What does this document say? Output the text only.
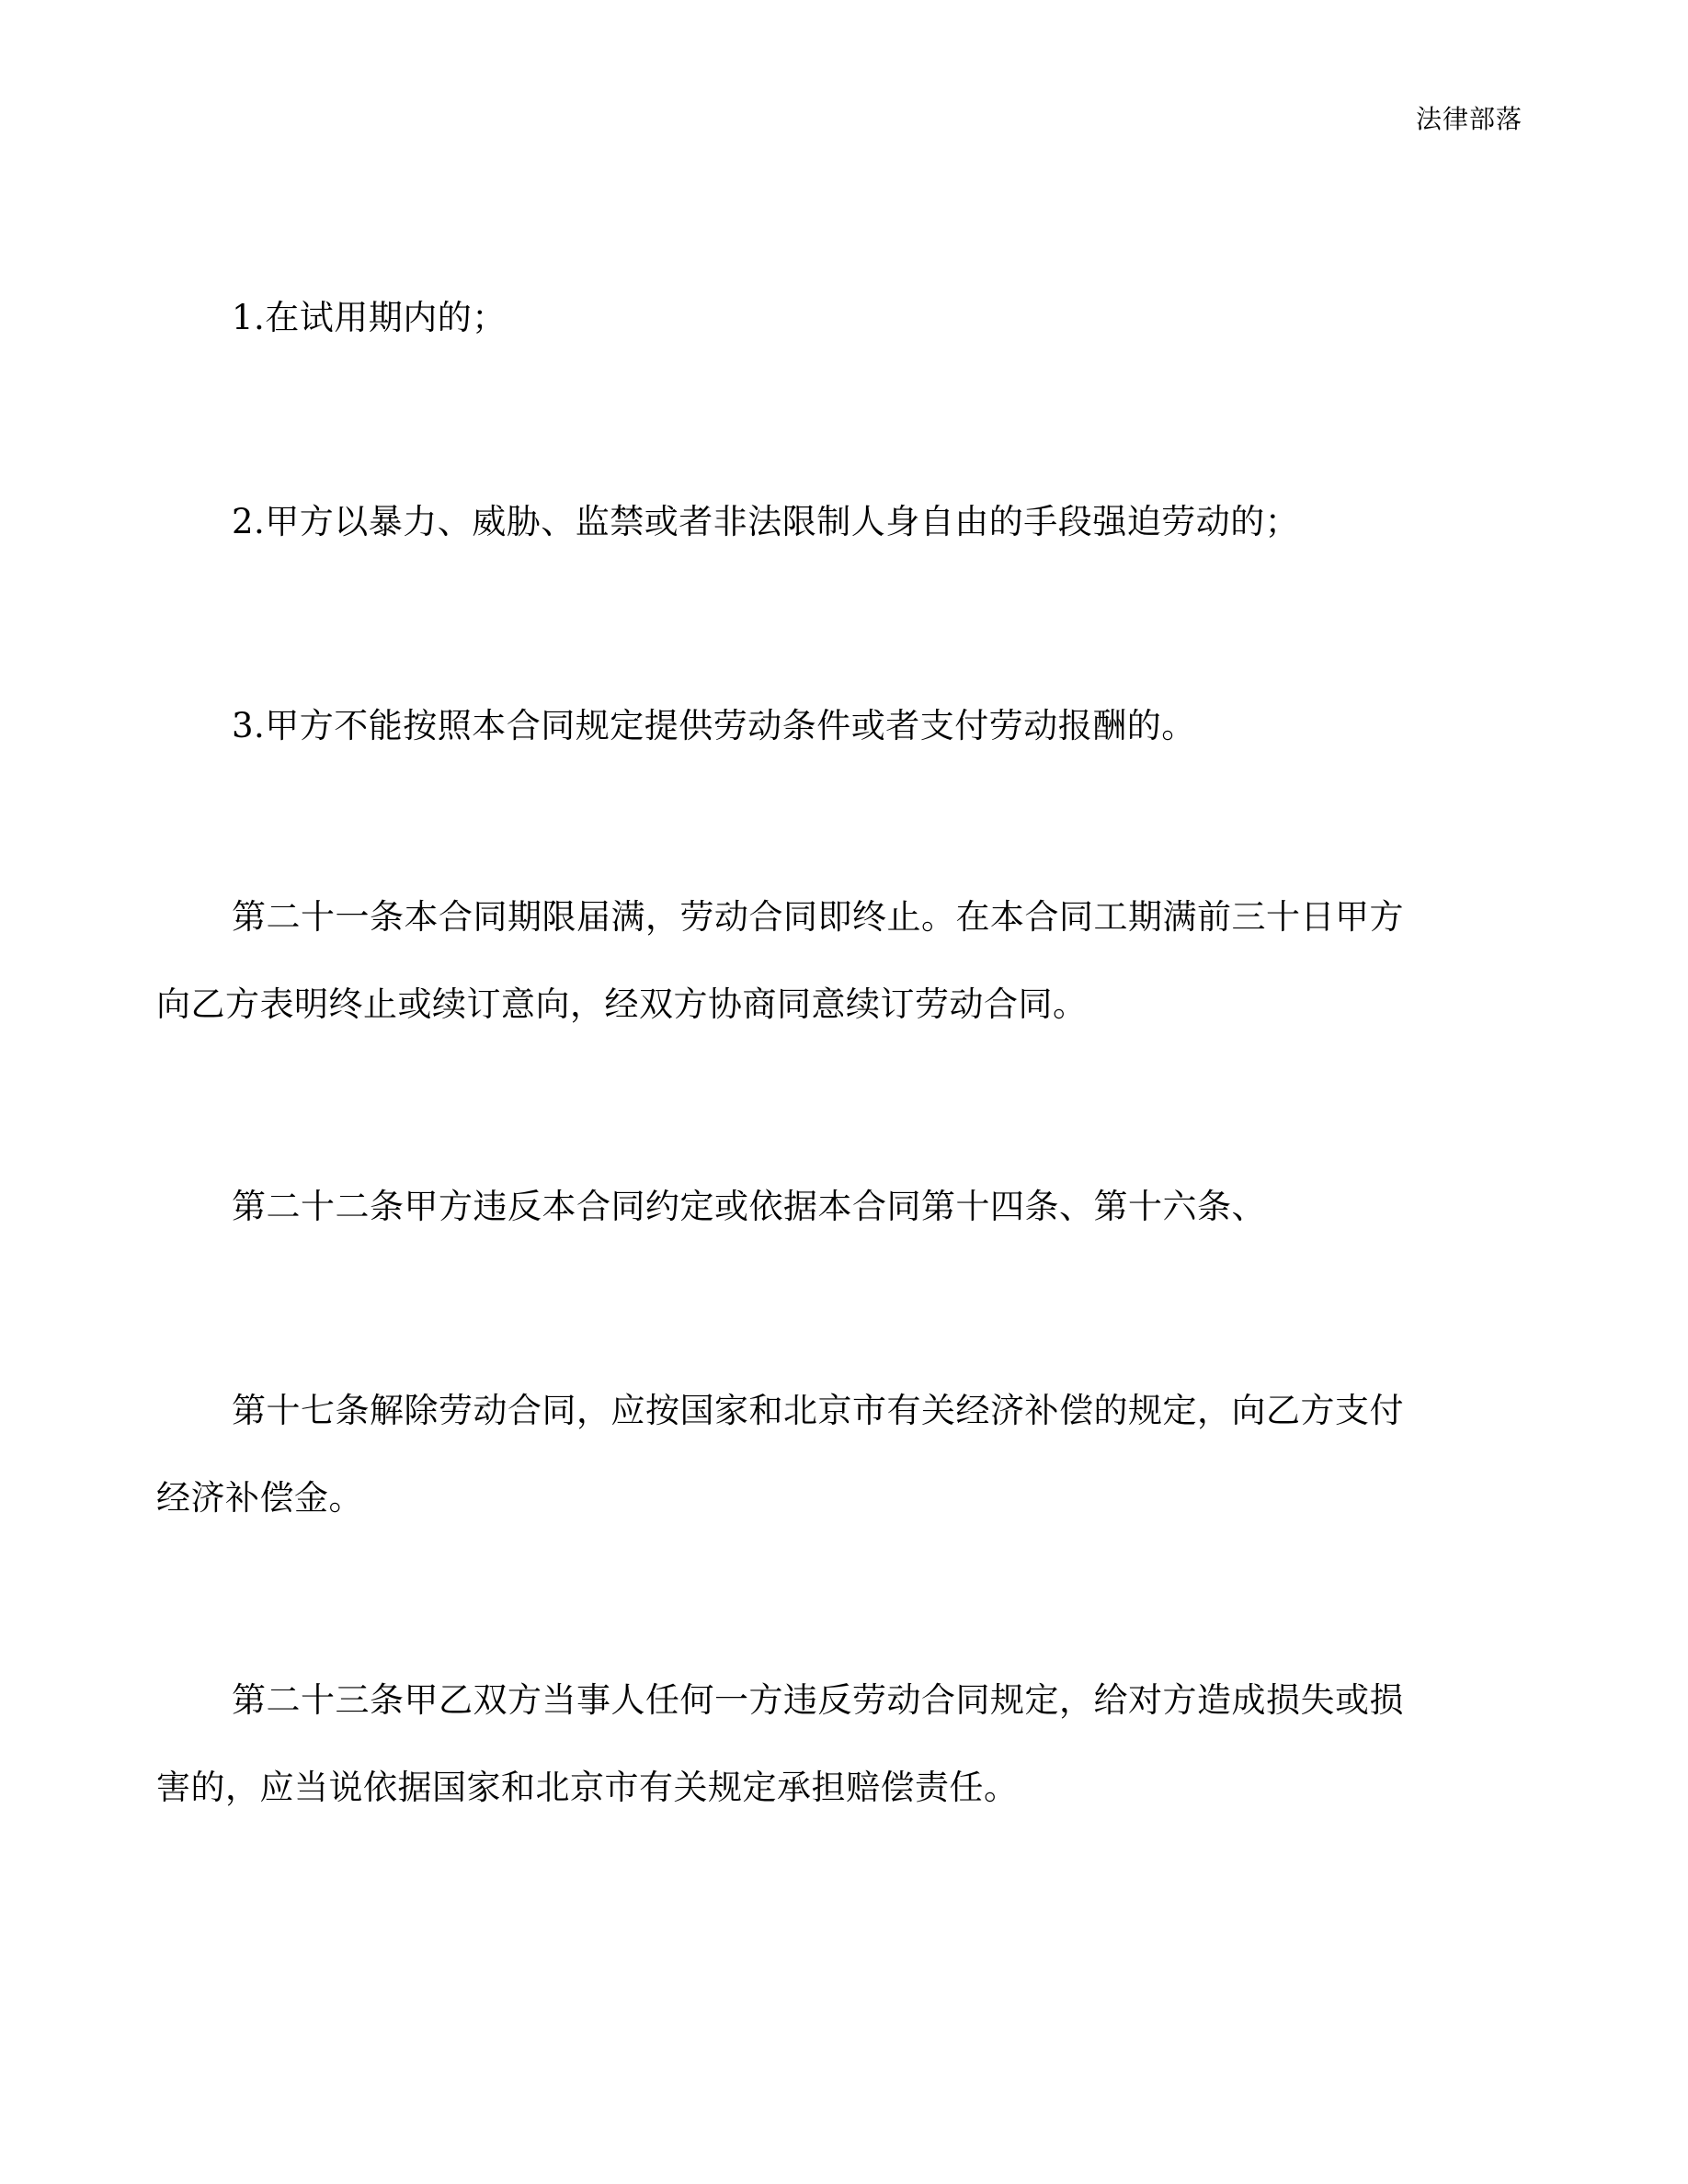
法律部落
1.在试用期内的；
2.甲方以暴力、威胁、监禁或者非法限制人身自由的手段强迫劳动的；
3.甲方不能按照本合同规定提供劳动条件或者支付劳动报酬的。
第二十一条本合同期限届满，劳动合同即终止。在本合同工期满前三十日甲方
向乙方表明终止或续订意向，经双方协商同意续订劳动合同。
第二十二条甲方违反本合同约定或依据本合同第十四条、第十六条、
第十七条解除劳动合同，应按国家和北京市有关经济补偿的规定，向乙方支付
经济补偿金。
第二十三条甲乙双方当事人任何一方违反劳动合同规定，给对方造成损失或损
害的，应当说依据国家和北京市有关规定承担赔偿责任。
